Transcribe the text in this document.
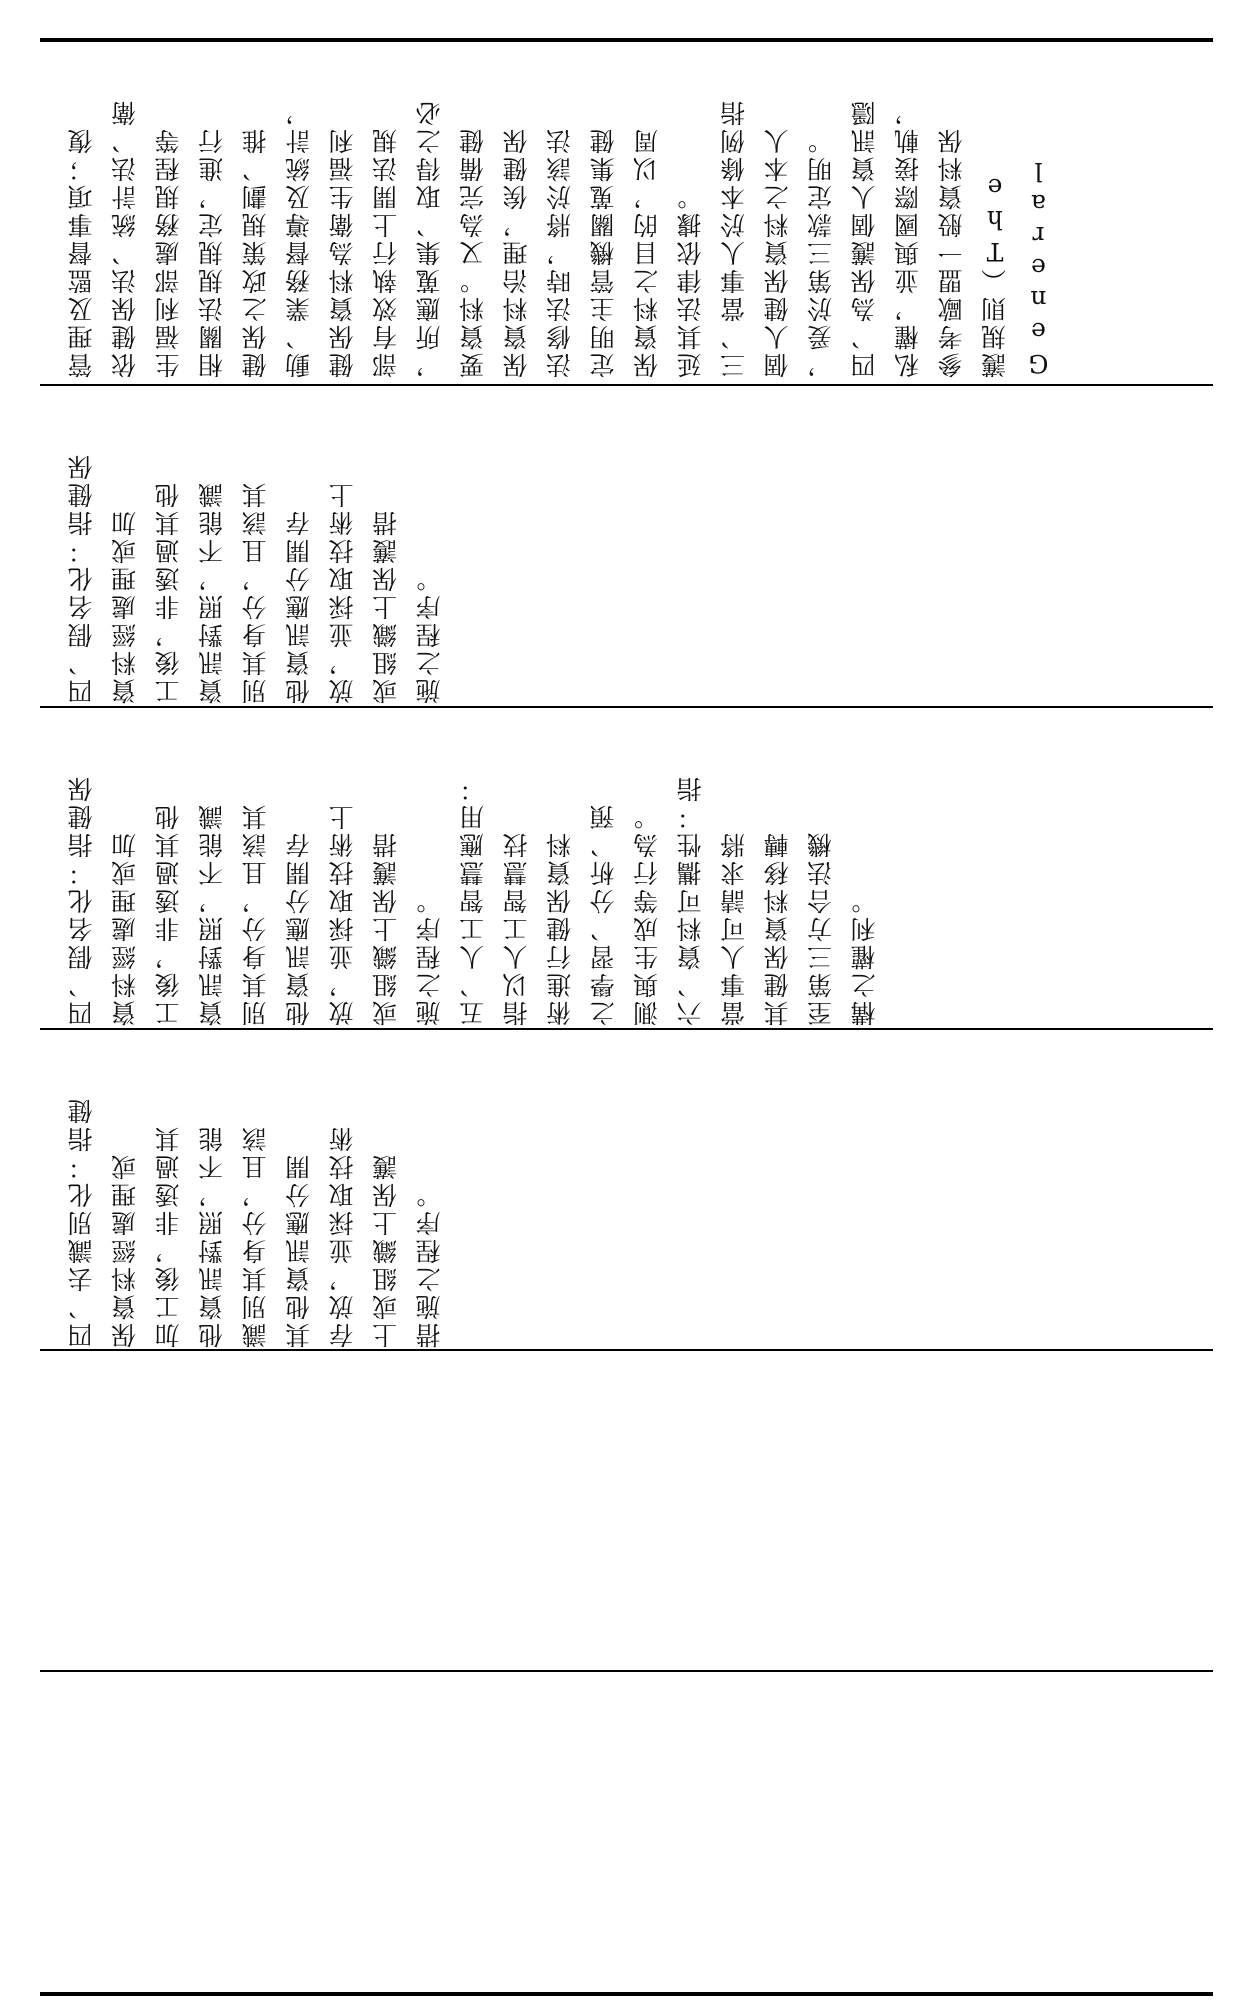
管理及監督事項；復 依健保法、統計法、衛 生福利部處務規程等 相關法規規定，進行 健保之政策規劃、推 動、業務督導及統計， 健保資料為衛生福利 部有效執行上開法規 ，所應蒐集、取得之必 要資料。又為完備健 保資料治理，俟健保 法修法時，將於該法 定明主管機關蒐集健 保資料之目的，以周 延其法律依據。 三、當事人於本條例指 個人健保資料之本人 ，爰於第三款定明。 四、為保護個人資訊隱 私權，並與國際接軌， 參考歐盟一般資料保 護規則（The General

四、假名化：指健保 資料經處理或加 工後，非透過其他 資訊對照，不能識 別其身分，且該其 他資訊應分開存 放，並採取技術上 或組織上保護措 施之程序。

四、假名化：指健保 資料經處理或加 工後，非透過其他 資訊對照，不能識 別其身分，且該其 他資訊應分開存 放，並採取技術上 或組織上保護措 施之程序。 五、人工智慧應用： 指以人工智慧技 術進行健保資料 之學習、分析、預 測與生成等行為。 六、資料可攜性：指 當事人可請求將 其健保資料移轉 至第三方合法機 構之權利。

四、去識別化：指健 保資料經處理或 加工後，非透過其 他資訊對照，不能 識別其身分，且該 其他資訊應分開 存放，並採取技術 上或組織上保護 措施之程序。
